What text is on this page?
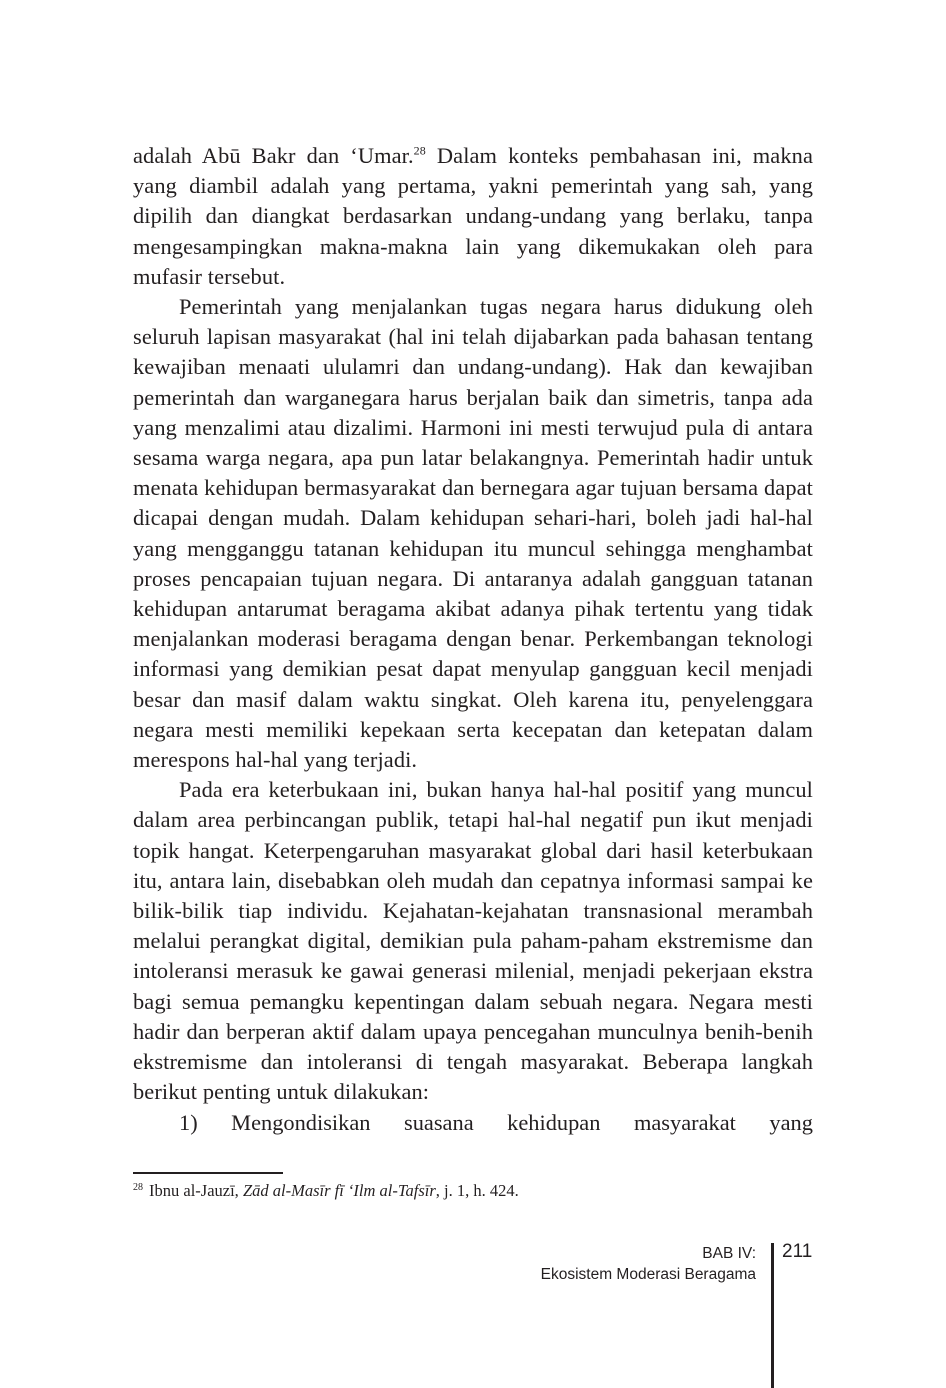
adalah Abū Bakr dan ‘Umar.$^{28}$ Dalam konteks pembahasan ini, makna yang diambil adalah yang pertama, yakni pemerintah yang sah, yang dipilih dan diangkat berdasarkan undang-undang yang berlaku, tanpa mengesampingkan makna-makna lain yang dikemukakan oleh para mufasir tersebut.

Pemerintah yang menjalankan tugas negara harus didukung oleh seluruh lapisan masyarakat (hal ini telah dijabarkan pada bahasan tentang kewajiban menaati ululamri dan undang-undang). Hak dan kewajiban pemerintah dan warganegara harus berjalan baik dan simetris, tanpa ada yang menzalimi atau dizalimi. Harmoni ini mesti terwujud pula di antara sesama warga negara, apa pun latar belakangnya. Pemerintah hadir untuk menata kehidupan bermasyarakat dan bernegara agar tujuan bersama dapat dicapai dengan mudah. Dalam kehidupan sehari-hari, boleh jadi hal-hal yang mengganggu tatanan kehidupan itu muncul sehingga menghambat proses pencapaian tujuan negara. Di antaranya adalah gangguan tatanan kehidupan antarumat beragama akibat adanya pihak tertentu yang tidak menjalankan moderasi beragama dengan benar. Perkembangan teknologi informasi yang demikian pesat dapat menyulap gangguan kecil menjadi besar dan masif dalam waktu singkat. Oleh karena itu, penyelenggara negara mesti memiliki kepekaan serta kecepatan dan ketepatan dalam merespons hal-hal yang terjadi.

Pada era keterbukaan ini, bukan hanya hal-hal positif yang muncul dalam area perbincangan publik, tetapi hal-hal negatif pun ikut menjadi topik hangat. Keterpengaruhan masyarakat global dari hasil keterbukaan itu, antara lain, disebabkan oleh mudah dan cepatnya informasi sampai ke bilik-bilik tiap individu. Kejahatan-kejahatan transnasional merambah melalui perangkat digital, demikian pula paham-paham ekstremisme dan intoleransi merasuk ke gawai generasi milenial, menjadi pekerjaan ekstra bagi semua pemangku kepentingan dalam sebuah negara. Negara mesti hadir dan berperan aktif dalam upaya pencegahan munculnya benih-benih ekstremisme dan intoleransi di tengah masyarakat. Beberapa langkah berikut penting untuk dilakukan:

1) Mengondisikan suasana kehidupan masyarakat yang

$^{28}$ Ibnu al-Jauzī, Zād al-Masīr fī ‘Ilm al-Tafsīr, j. 1, h. 424.
BAB IV:
Ekosistem Moderasi Beragama
211
